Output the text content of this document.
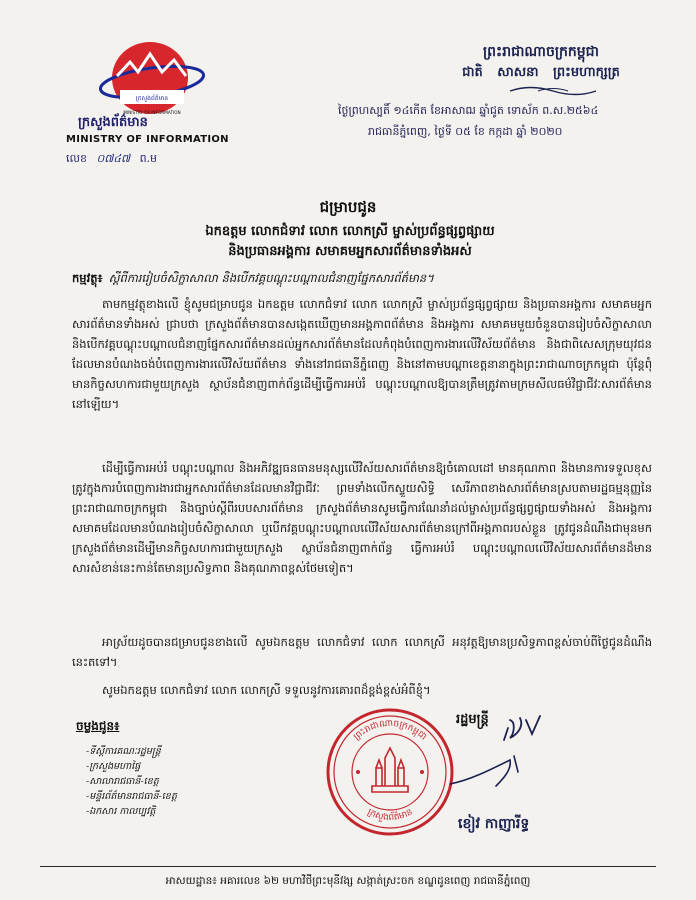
ក្រសួងព័ត៌មាន
MINISTRY OF INFORMATION
ក្រសួងព័ត៌មាន
MINISTRY OF INFORMATION
លេខ ០៧៤៧ ព.ម
ព្រះរាជាណាចក្រកម្ពុជា
ជាតិ សាសនា ព្រះមហាក្សត្រ
ថ្ងៃព្រហស្បតិ៍ ១៤កើត ខែអាសាឍ ឆ្នាំជូត ទោស័ក ព.ស.២៥៦៤
រាជធានីភ្នំពេញ, ថ្ងៃទី ០៥ ខែ កក្កដា ឆ្នាំ ២០២០
ជម្រាបជូន
ឯកឧត្តម លោកជំទាវ លោក លោកស្រី ម្ចាស់ប្រព័ន្ធផ្សព្វផ្សាយ
និងប្រធានអង្គការ សមាគមអ្នកសារព័ត៌មានទាំងអស់
កម្មវត្ថុ៖ ស្តីពីការរៀបចំសិក្ខាសាលា និងបើកវគ្គបណ្តុះបណ្តាលជំនាញផ្នែកសារព័ត៌មាន។
តាមកម្មវត្ថុខាងលើ ខ្ញុំសូមជម្រាបជូន ឯកឧត្តម លោកជំទាវ លោក លោកស្រី ម្ចាស់ប្រព័ន្ធផ្សព្វផ្សាយ និងប្រធានអង្គការ សមាគមអ្នកសារព័ត៌មានទាំងអស់ ជ្រាបថា ក្រសួងព័ត៌មានបានសង្កេតឃើញមានអង្គភាពព័ត៌មាន និងអង្គការ សមាគមមួយចំនួនបានរៀបចំសិក្ខាសាលា និងបើកវគ្គបណ្តុះបណ្តាលជំនាញផ្នែកសារព័ត៌មានដល់អ្នកសារព័ត៌មានដែលកំពុងបំពេញការងារលើវិស័យព័ត៌មាន និងជាពិសេសក្រុមយុវជនដែលមានបំណងចង់បំពេញការងារលើវិស័យព័ត៌មាន ទាំងនៅរាជធានីភ្នំពេញ និងនៅតាមបណ្តាខេត្តនានាក្នុងព្រះរាជាណាចក្រកម្ពុជា ប៉ុន្តែពុំមានកិច្ចសហការជាមួយក្រសួង ស្ថាប័នជំនាញពាក់ព័ន្ធដើម្បីធ្វើការអប់រំ បណ្តុះបណ្តាលឱ្យបានត្រឹមត្រូវតាមក្រមសីលធម៌វិជ្ជាជីវៈសារព័ត៌មាននៅឡើយ។
ដើម្បីធ្វើការអប់រំ បណ្តុះបណ្តាល និងអភិវឌ្ឍធនធានមនុស្សលើវិស័យសារព័ត៌មានឱ្យចំគោលដៅ មានគុណភាព និងមានការទទួលខុសត្រូវក្នុងការបំពេញការងារជាអ្នកសារព័ត៌មានដែលមានវិជ្ជាជីវៈ ព្រមទាំងលើកស្ទួយសិទ្ធិ សេរីភាពខាងសារព័ត៌មានស្របតាមរដ្ឋធម្មនុញ្ញនៃព្រះរាជាណាចក្រកម្ពុជា និងច្បាប់ស្តីពីរបបសារព័ត៌មាន ក្រសួងព័ត៌មានសូមធ្វើការណែនាំដល់ម្ចាស់ប្រព័ន្ធផ្សព្វផ្សាយទាំងអស់ និងអង្គការ សមាគមដែលមានបំណងរៀបចំសិក្ខាសាលា ឬបើកវគ្គបណ្តុះបណ្តាលលើវិស័យសារព័ត៌មានក្រៅពីអង្គភាពរបស់ខ្លួន ត្រូវជូនដំណឹងជាមុនមកក្រសួងព័ត៌មានដើម្បីមានកិច្ចសហការជាមួយក្រសួង ស្ថាប័នជំនាញពាក់ព័ន្ធ ធ្វើការអប់រំ បណ្តុះបណ្តាលលើវិស័យសារព័ត៌មានដ៏មានសារសំខាន់នេះកាន់តែមានប្រសិទ្ធភាព និងគុណភាពខ្ពស់ថែមទៀត។
អាស្រ័យដូចបានជម្រាបជូនខាងលើ សូមឯកឧត្តម លោកជំទាវ លោក លោកស្រី អនុវត្តឱ្យមានប្រសិទ្ធភាពខ្ពស់ចាប់ពីថ្ងៃជូនដំណឹងនេះតទៅ។
សូមឯកឧត្តម លោកជំទាវ លោក លោកស្រី ទទួលនូវការគោរពដ៏ខ្ពង់ខ្ពស់អំពីខ្ញុំ។
ចម្លងជូន៖
-ទីស្តីការគណៈរដ្ឋមន្ត្រី
-ក្រសួងមហាផ្ទៃ
-សាលារាជធានី-ខេត្ត
-មន្ទីរព័ត៌មានរាជធានី-ខេត្ត
-ឯកសារ កាលប្បវត្តិ
ព្រះរាជាណាចក្រកម្ពុជា
ក្រសួងព័ត៌មាន
រដ្ឋមន្ត្រី
ខៀវ កាញារីទ្ធ
អាសយដ្ឋាន៖ អគារលេខ ៦២ មហាវិថីព្រះមុនីវង្ស សង្កាត់ស្រះចក ខណ្ឌដូនពេញ រាជធានីភ្នំពេញ
